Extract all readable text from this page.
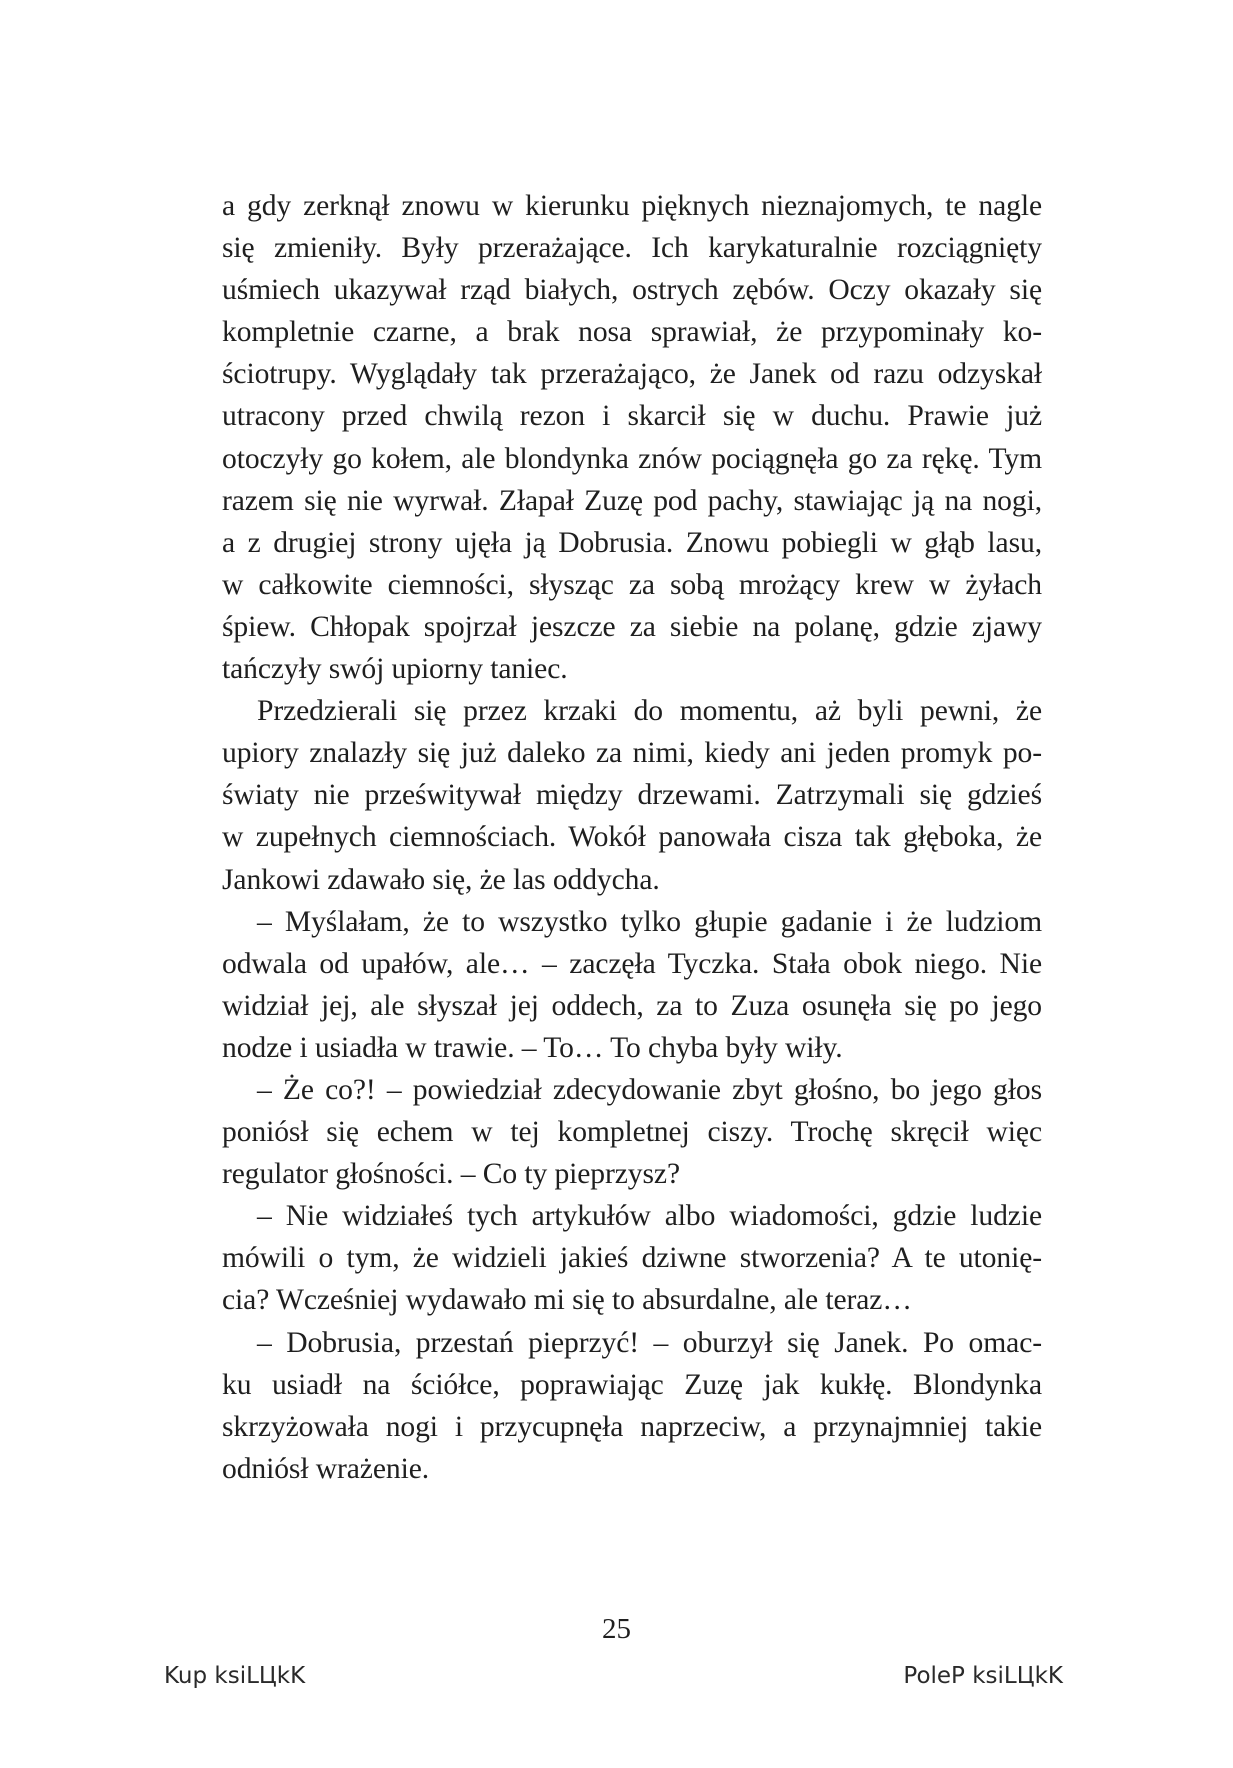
a gdy zerknął znowu w kierunku pięknych nieznajomych, te nagle
się zmieniły. Były przerażające. Ich karykaturalnie rozciągnięty
uśmiech ukazywał rząd białych, ostrych zębów. Oczy okazały się
kompletnie czarne, a brak nosa sprawiał, że przypominały ko-
ściotrupy. Wyglądały tak przerażająco, że Janek od razu odzyskał
utracony przed chwilą rezon i skarcił się w duchu. Prawie już
otoczyły go kołem, ale blondynka znów pociągnęła go za rękę. Tym
razem się nie wyrwał. Złapał Zuzę pod pachy, stawiając ją na nogi,
a z drugiej strony ujęła ją Dobrusia. Znowu pobiegli w głąb lasu,
w całkowite ciemności, słysząc za sobą mrożący krew w żyłach
śpiew. Chłopak spojrzał jeszcze za siebie na polanę, gdzie zjawy
tańczyły swój upiorny taniec.
Przedzierali się przez krzaki do momentu, aż byli pewni, że
upiory znalazły się już daleko za nimi, kiedy ani jeden promyk po-
światy nie prześwitywał między drzewami. Zatrzymali się gdzieś
w zupełnych ciemnościach. Wokół panowała cisza tak głęboka, że
Jankowi zdawało się, że las oddycha.
– Myślałam, że to wszystko tylko głupie gadanie i że ludziom
odwala od upałów, ale… – zaczęła Tyczka. Stała obok niego. Nie
widział jej, ale słyszał jej oddech, za to Zuza osunęła się po jego
nodze i usiadła w trawie. – To… To chyba były wiły.
– Że co?! – powiedział zdecydowanie zbyt głośno, bo jego głos
poniósł się echem w tej kompletnej ciszy. Trochę skręcił więc
regulator głośności. – Co ty pieprzysz?
– Nie widziałeś tych artykułów albo wiadomości, gdzie ludzie
mówili o tym, że widzieli jakieś dziwne stworzenia? A te utonię-
cia? Wcześniej wydawało mi się to absurdalne, ale teraz…
– Dobrusia, przestań pieprzyć! – oburzył się Janek. Po omac-
ku usiadł na ściółce, poprawiając Zuzę jak kukłę. Blondynka
skrzyżowała nogi i przycupnęła naprzeciw, a przynajmniej takie
odniósł wrażenie.
25
Kup ksiLЦkK	PoleP ksiLЦkK
